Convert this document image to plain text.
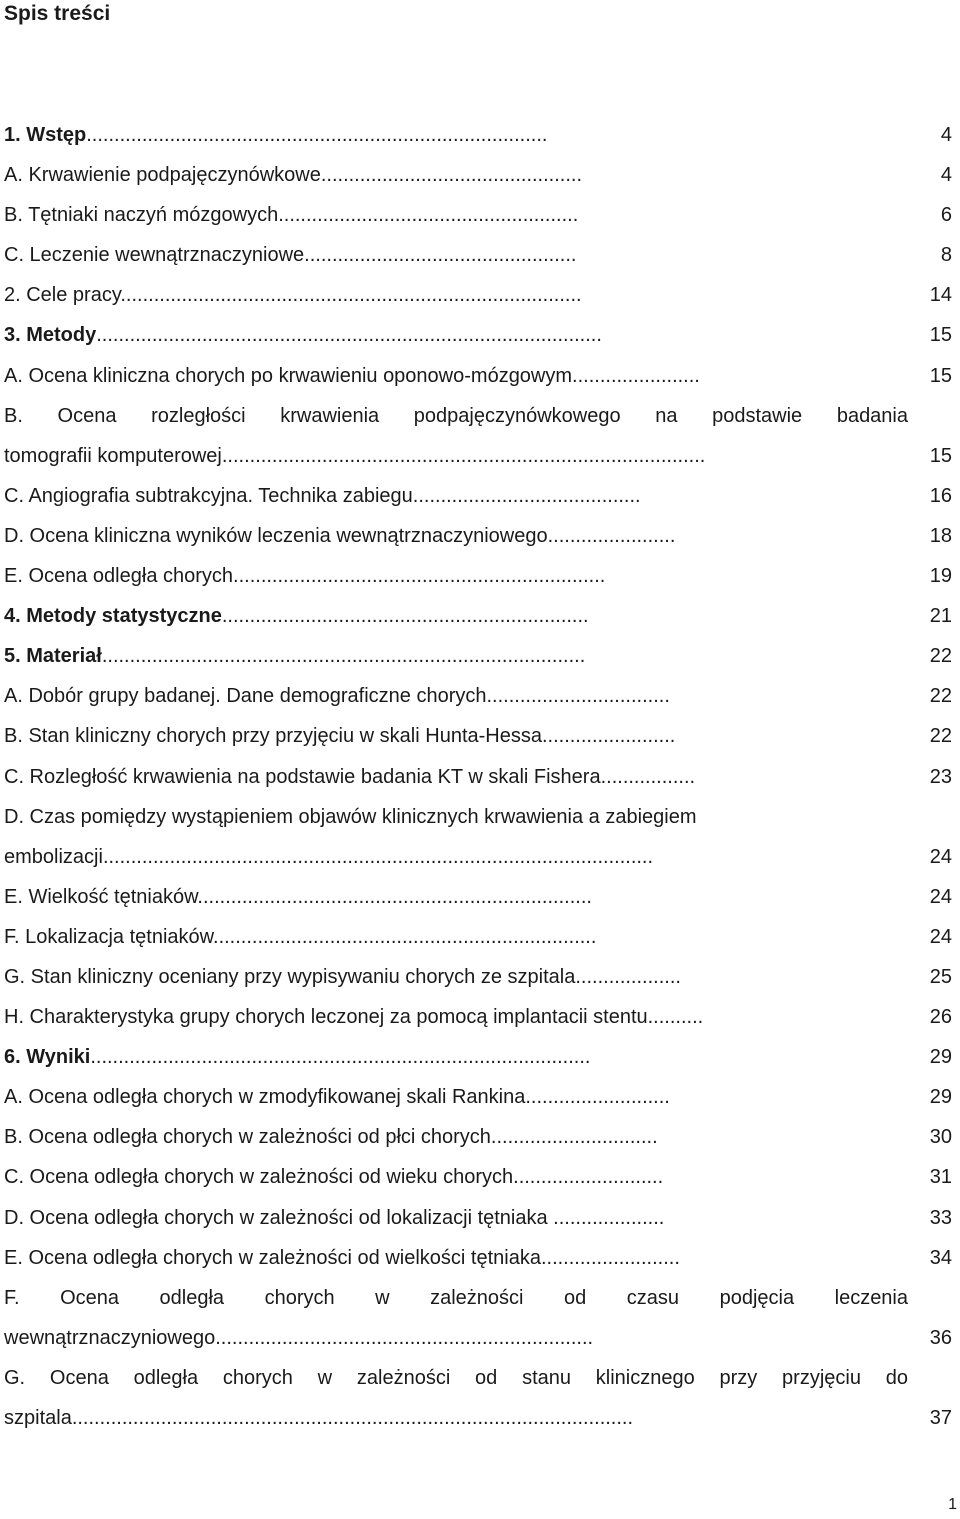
Spis treści
1. Wstęp...................................................................................	4
A. Krwawienie podpajęczynówkowe...............................................	4
B. Tętniaki naczyń mózgowych......................................................	6
C. Leczenie wewnątrznaczyniowe.................................................	8
2. Cele pracy...................................................................................	14
3. Metody...........................................................................................	15
A. Ocena kliniczna chorych po krwawieniu oponowo-mózgowym.......................	15
B. Ocena rozległości krwawienia podpajęczynówkowego na podstawie badania
tomografii komputerowej.......................................................................................	15
C. Angiografia subtrakcyjna. Technika zabiegu.........................................	16
D. Ocena kliniczna wyników leczenia wewnątrznaczyniowego.......................	18
E. Ocena odległa chorych...................................................................	19
4. Metody statystyczne..................................................................	21
5. Materiał.......................................................................................	22
A. Dobór grupy badanej. Dane demograficzne chorych.................................	22
B. Stan kliniczny chorych przy przyjęciu w skali Hunta-Hessa........................	22
C. Rozległość krwawienia na podstawie badania KT w skali Fishera.................	23
D. Czas pomiędzy wystąpieniem objawów klinicznych krwawienia a zabiegiem
embolizacji...................................................................................................	24
E. Wielkość tętniaków.......................................................................	24
F. Lokalizacja tętniaków.....................................................................	24
G. Stan kliniczny oceniany przy wypisywaniu chorych ze szpitala...................	25
H. Charakterystyka grupy chorych leczonej za pomocą implantacii stentu..........	26
6. Wyniki..........................................................................................	29
A. Ocena odległa chorych w zmodyfikowanej skali Rankina..........................	29
B. Ocena odległa chorych w zależności od płci chorych..............................	30
C. Ocena odległa chorych w zależności od wieku chorych...........................	31
D. Ocena odległa chorych w zależności od lokalizacji tętniaka ....................	33
E. Ocena odległa chorych w zależności od wielkości tętniaka.........................	34
F. Ocena odległa chorych w zależności od czasu podjęcia leczenia
wewnątrznaczyniowego....................................................................	36
G. Ocena odległa chorych w zależności od stanu klinicznego przy przyjęciu do
szpitala.....................................................................................................	37
1
